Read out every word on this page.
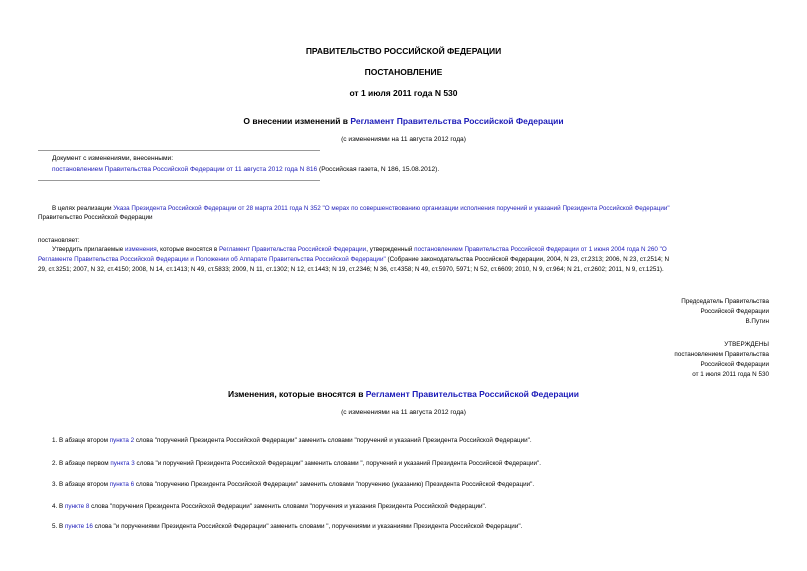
ПРАВИТЕЛЬСТВО РОССИЙСКОЙ ФЕДЕРАЦИИ
ПОСТАНОВЛЕНИЕ
от 1 июля 2011 года N 530
О внесении изменений в Регламент Правительства Российской Федерации
(с изменениями на 11 августа 2012 года)
Документ с изменениями, внесенными:
постановлением Правительства Российской Федерации от 11 августа 2012 года N 816 (Российская газета, N 186, 15.08.2012).
В целях реализации Указа Президента Российской Федерации от 28 марта 2011 года N 352 "О мерах по совершенствованию организации исполнения поручений и указаний Президента Российской Федерации"
Правительство Российской Федерации
постановляет:
Утвердить прилагаемые изменения, которые вносятся в Регламент Правительства Российской Федерации, утвержденный постановлением Правительства Российской Федерации от 1 июня 2004 года N 260 "О
Регламенте Правительства Российской Федерации и Положении об Аппарате Правительства Российской Федерации" (Собрание законодательства Российской Федерации, 2004, N 23, ст.2313; 2006, N 23, ст.2514; N
29, ст.3251; 2007, N 32, ст.4150; 2008, N 14, ст.1413; N 49, ст.5833; 2009, N 11, ст.1302; N 12, ст.1443; N 19, ст.2346; N 36, ст.4358; N 49, ст.5970, 5971; N 52, ст.6609; 2010, N 9, ст.964; N 21, ст.2602; 2011, N 9, ст.1251).
Председатель Правительства
Российской Федерации
В.Путин
УТВЕРЖДЕНЫ
постановлением Правительства
Российской Федерации
от 1 июля 2011 года N 530
Изменения, которые вносятся в Регламент Правительства Российской Федерации
(с изменениями на 11 августа 2012 года)
1. В абзаце втором пункта 2 слова "поручений Президента Российской Федерации" заменить словами "поручений и указаний Президента Российской Федерации".
2. В абзаце первом пункта 3 слова "и поручений Президента Российской Федерации" заменить словами ", поручений и указаний Президента Российской Федерации".
3. В абзаце втором пункта 6 слова "поручению Президента Российской Федерации" заменить словами "поручению (указанию) Президента Российской Федерации".
4. В пункте 8 слова "поручения Президента Российской Федерации" заменить словами "поручения и указания Президента Российской Федерации".
5. В пункте 16 слова "и поручениями Президента Российской Федерации" заменить словами ", поручениями и указаниями Президента Российской Федерации".
